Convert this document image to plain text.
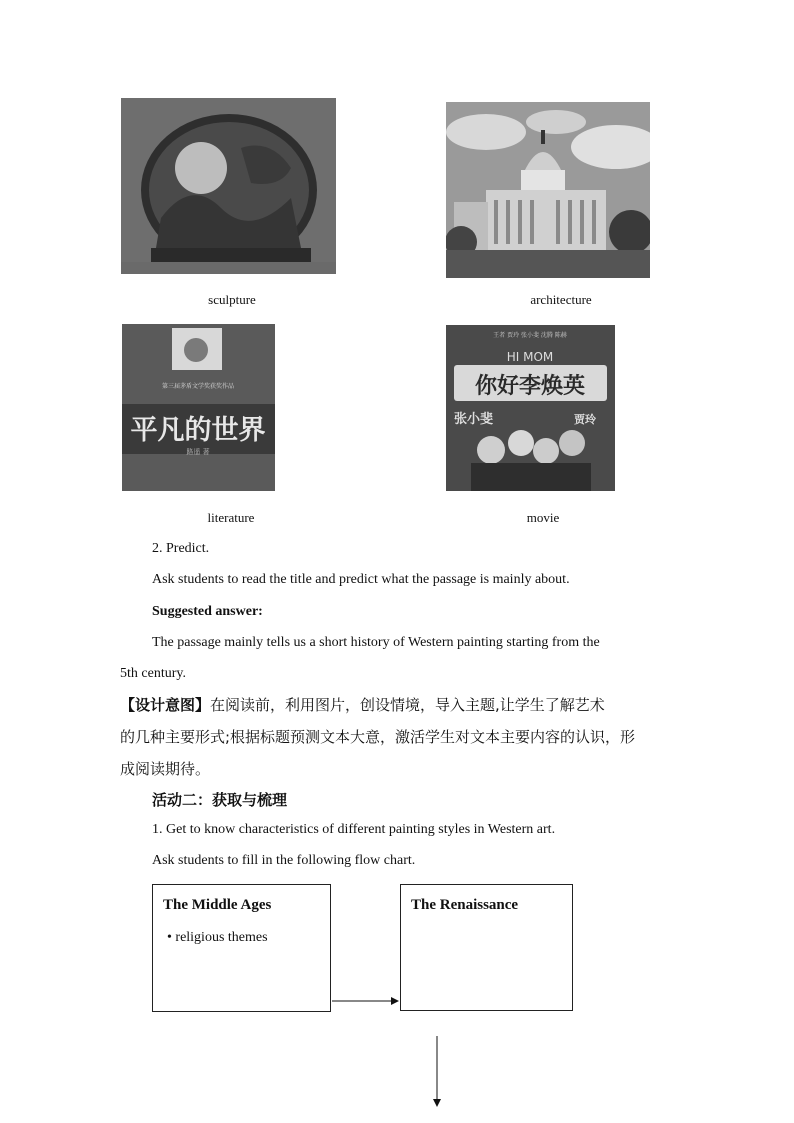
sculpture	architecture
第三届茅盾文学奖获奖作品
平凡的世界
路遥 著
literature
王者 贾玲 张小斐 沈腾 陈赫
HI MOM
你好李焕英
张小斐	贾玲
movie
2. Predict.
Ask students to read the title and predict what the passage is mainly about.
Suggested answer:
The passage mainly tells us a short history of Western painting starting from the
5th century.
【设计意图】在阅读前，利用图片，创设情境，导入主题,让学生了解艺术
的几种主要形式;根据标题预测文本大意，激活学生对文本主要内容的认识，形
成阅读期待。
活动二：获取与梳理
1. Get to know characteristics of different painting styles in Western art.
Ask students to fill in the following flow chart.
The Middle Ages
• religious themes
The Renaissance
